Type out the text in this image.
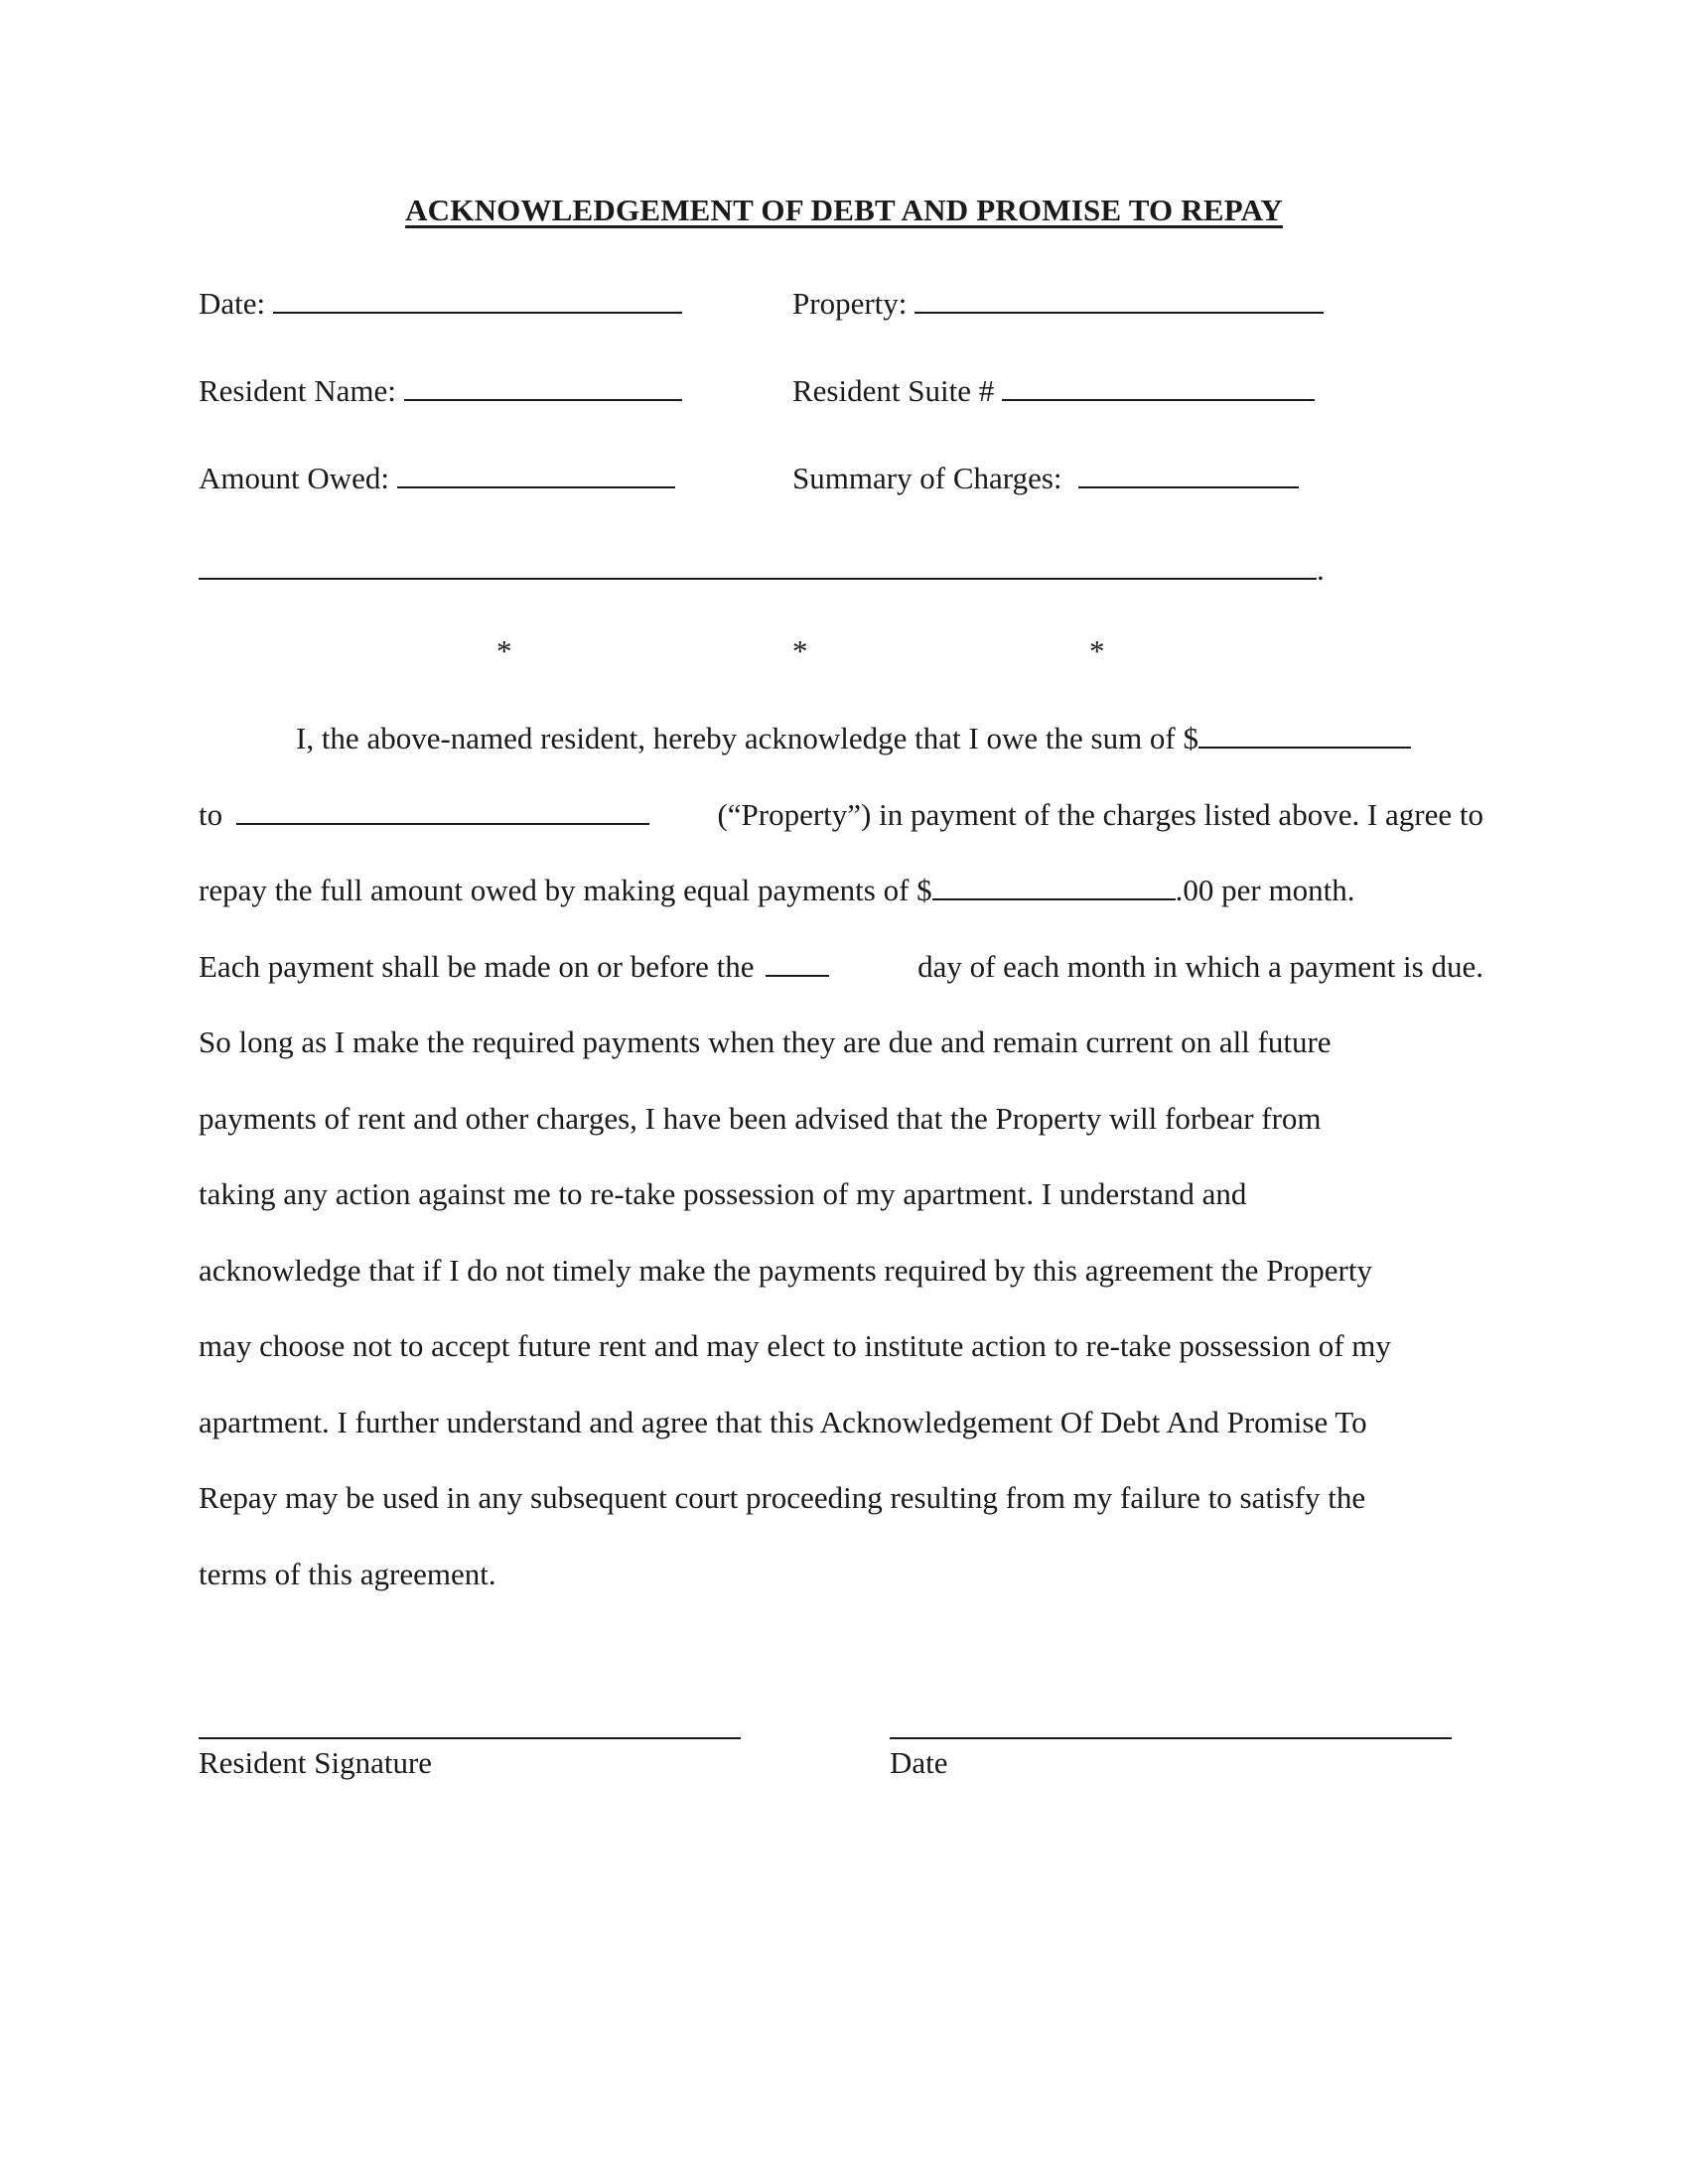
ACKNOWLEDGEMENT OF DEBT AND PROMISE TO REPAY
Date:	Property:
Resident Name:	Resident Suite #
Amount Owed:	Summary of Charges:
.
*	*	*
I, the above-named resident, hereby acknowledge that I owe the sum of $
to	(“Property”) in payment of the charges listed above. I agree to
repay the full amount owed by making equal payments of $	.00 per month.
Each payment shall be made on or before the	day of each month in which a payment is due.
So long as I make the required payments when they are due and remain current on all future
payments of rent and other charges, I have been advised that the Property will forbear from
taking any action against me to re-take possession of my apartment. I understand and
acknowledge that if I do not timely make the payments required by this agreement the Property
may choose not to accept future rent and may elect to institute action to re-take possession of my
apartment. I further understand and agree that this Acknowledgement Of Debt And Promise To
Repay may be used in any subsequent court proceeding resulting from my failure to satisfy the
terms of this agreement.
Resident Signature	Date
